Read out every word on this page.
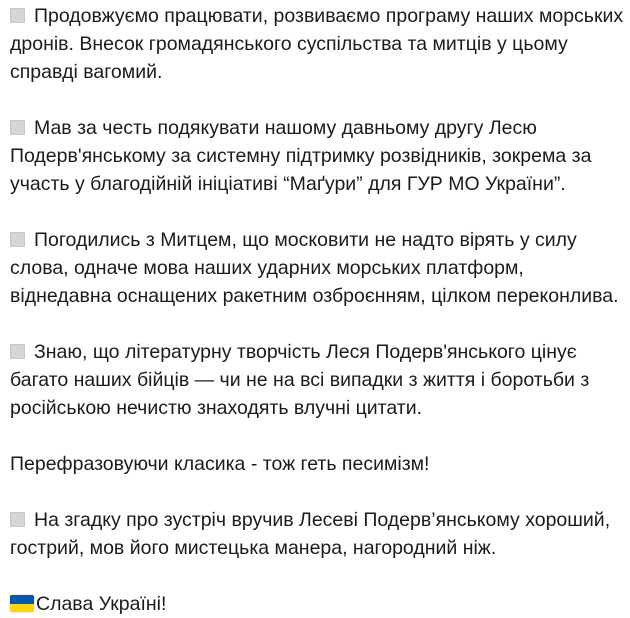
Продовжуємо працювати, розвиваємо програму наших морських дронів. Внесок громадянського суспільства та митців у цьому справді вагомий.

Мав за честь подякувати нашому давньому другу Лесю Подерв'янському за системну підтримку розвідників, зокрема за участь у благодійній ініціативі “Маґури” для ГУР МО України”.

Погодились з Митцем, що московити не надто вірять у силу слова, одначе мова наших ударних морських платформ, віднедавна оснащених ракетним озброєнням, цілком переконлива.

Знаю, що літературну творчість Леся Подерв'янського цінує багато наших бійців — чи не на всі випадки з життя і боротьби з російською нечистю знаходять влучні цитати.

Перефразовуючи класика - тож геть песимізм!

На згадку про зустріч вручив Лесеві Подерв’янському хороший, гострий, мов його мистецька манера, нагородний ніж.

Слава Україні!
